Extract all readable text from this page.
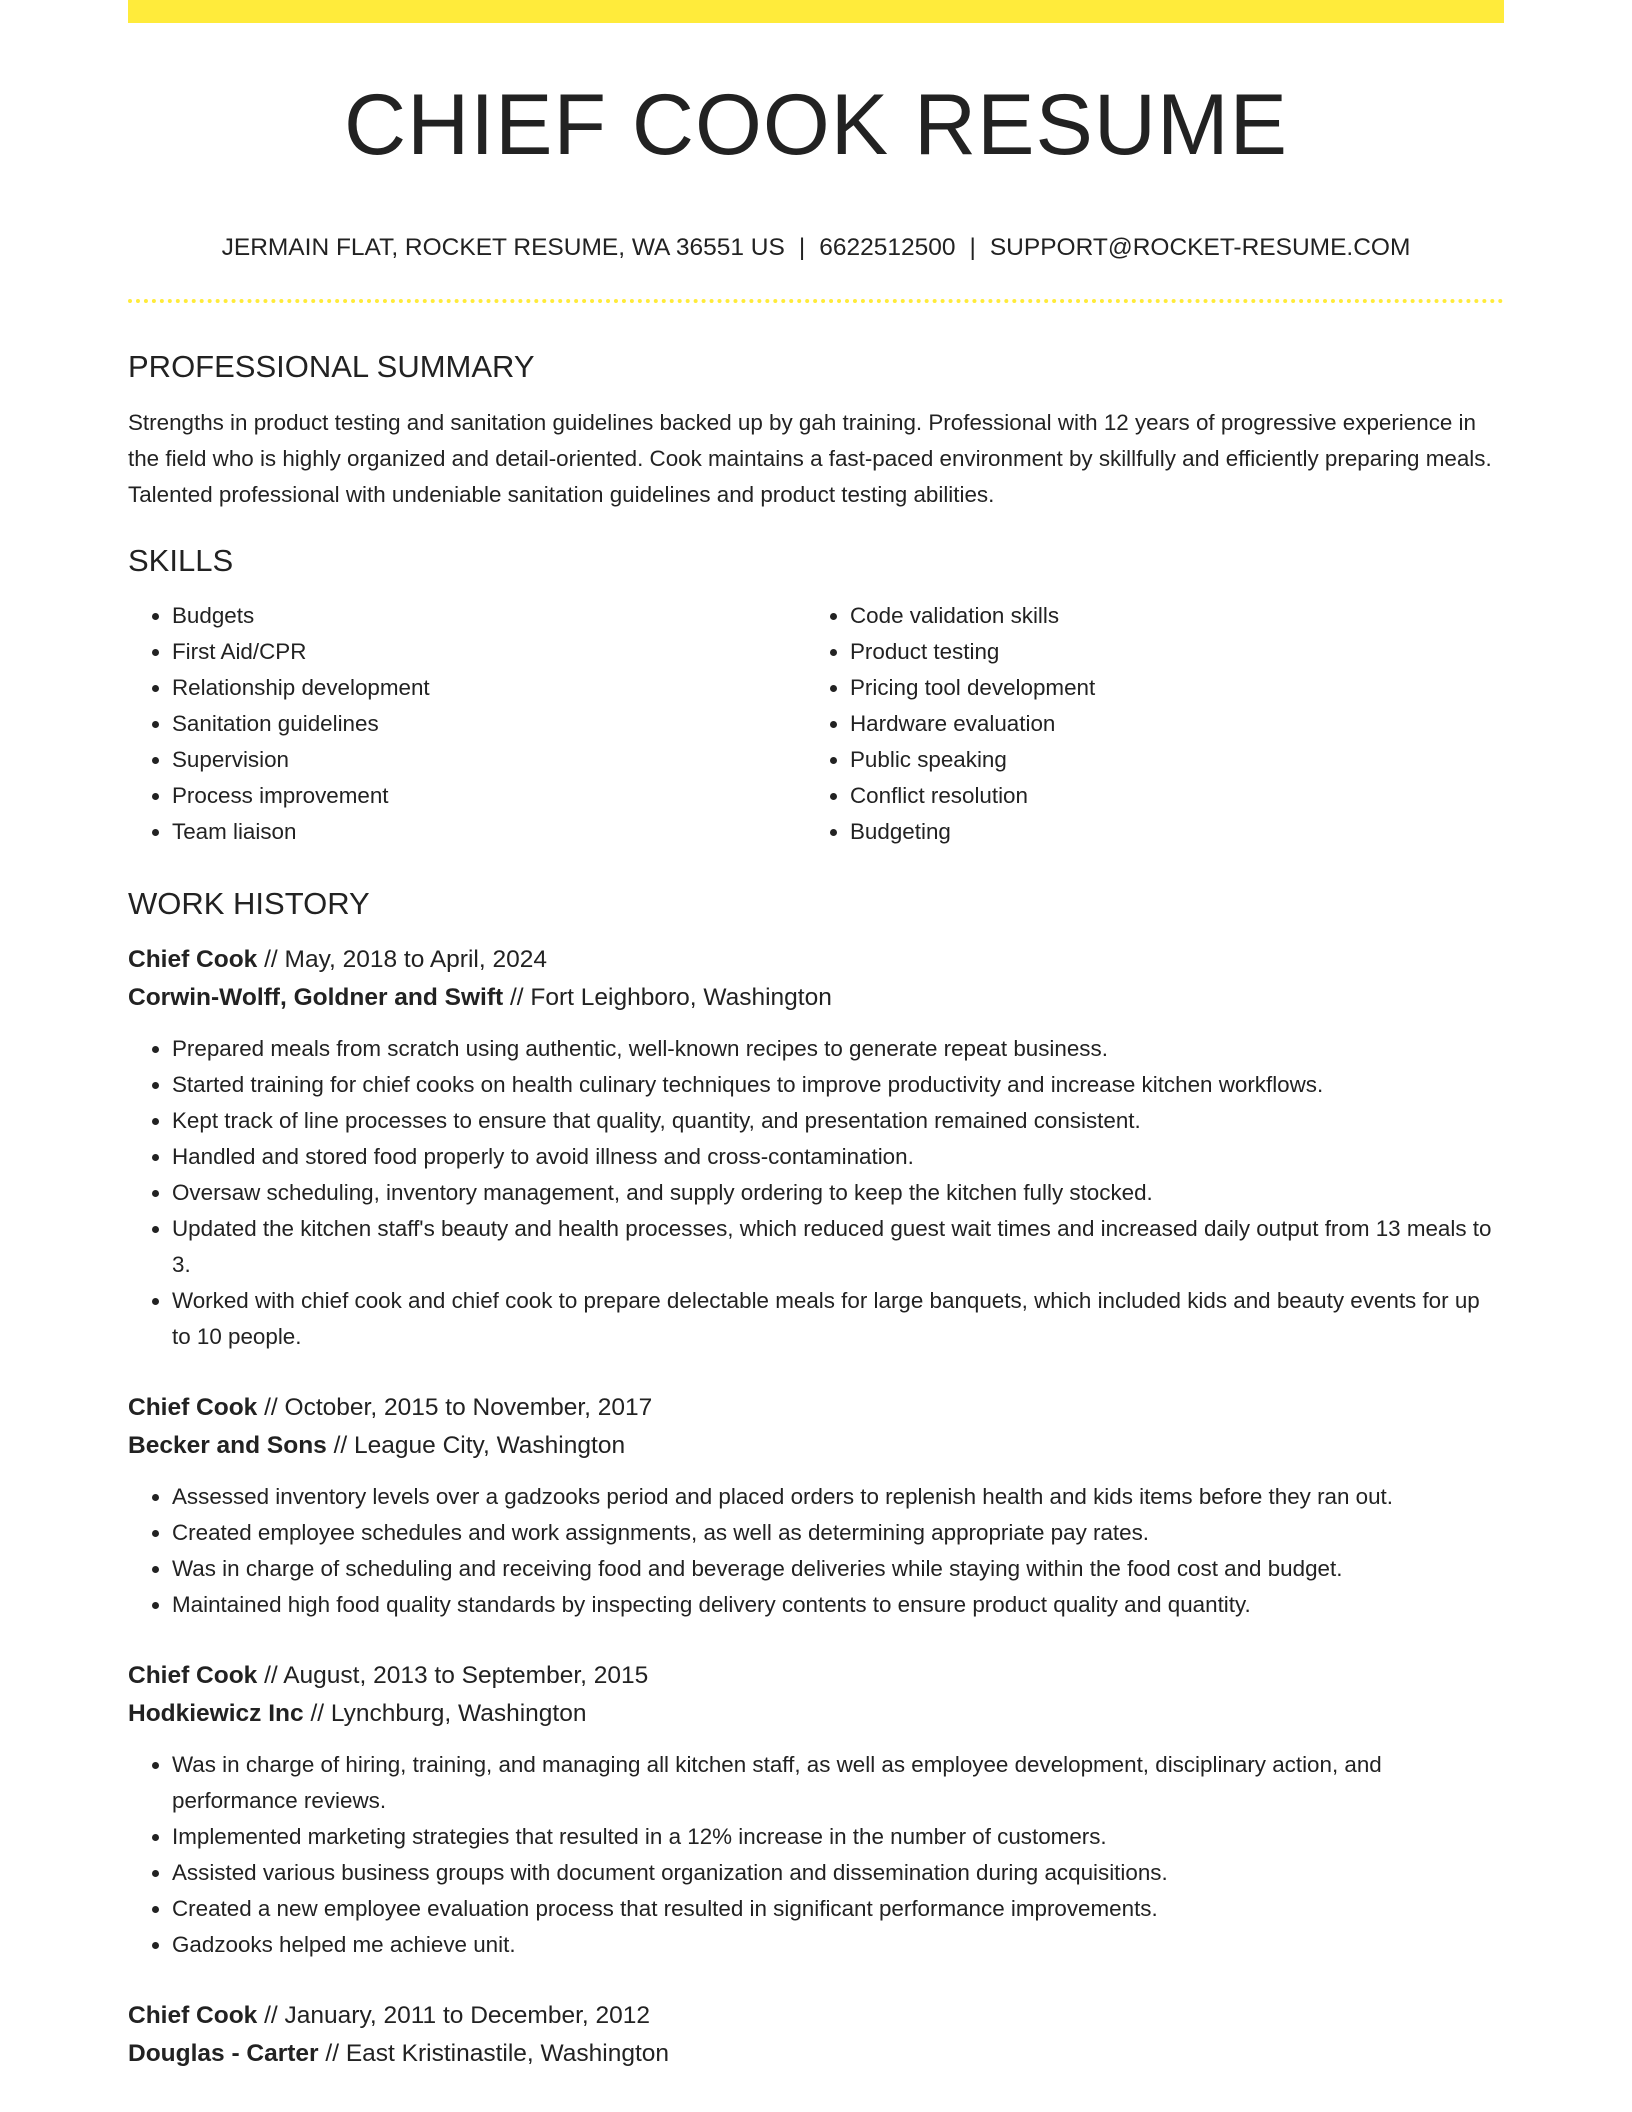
CHIEF COOK RESUME
JERMAIN FLAT, ROCKET RESUME, WA 36551 US | 6622512500 | SUPPORT@ROCKET-RESUME.COM
PROFESSIONAL SUMMARY

Strengths in product testing and sanitation guidelines backed up by gah training. Professional with 12 years of progressive experience in the field who is highly organized and detail-oriented. Cook maintains a fast-paced environment by skillfully and efficiently preparing meals. Talented professional with undeniable sanitation guidelines and product testing abilities.

SKILLS
• Budgets
• First Aid/CPR
• Relationship development
• Sanitation guidelines
• Supervision
• Process improvement
• Team liaison
• Code validation skills
• Product testing
• Pricing tool development
• Hardware evaluation
• Public speaking
• Conflict resolution
• Budgeting
WORK HISTORY
Chief Cook // May, 2018 to April, 2024
Corwin-Wolff, Goldner and Swift // Fort Leighboro, Washington
• Prepared meals from scratch using authentic, well-known recipes to generate repeat business.
• Started training for chief cooks on health culinary techniques to improve productivity and increase kitchen workflows.
• Kept track of line processes to ensure that quality, quantity, and presentation remained consistent.
• Handled and stored food properly to avoid illness and cross-contamination.
• Oversaw scheduling, inventory management, and supply ordering to keep the kitchen fully stocked.
• Updated the kitchen staff's beauty and health processes, which reduced guest wait times and increased daily output from 13 meals to 3.
• Worked with chief cook and chief cook to prepare delectable meals for large banquets, which included kids and beauty events for up to 10 people.
Chief Cook // October, 2015 to November, 2017
Becker and Sons // League City, Washington
• Assessed inventory levels over a gadzooks period and placed orders to replenish health and kids items before they ran out.
• Created employee schedules and work assignments, as well as determining appropriate pay rates.
• Was in charge of scheduling and receiving food and beverage deliveries while staying within the food cost and budget.
• Maintained high food quality standards by inspecting delivery contents to ensure product quality and quantity.
Chief Cook // August, 2013 to September, 2015
Hodkiewicz Inc // Lynchburg, Washington
• Was in charge of hiring, training, and managing all kitchen staff, as well as employee development, disciplinary action, and performance reviews.
• Implemented marketing strategies that resulted in a 12% increase in the number of customers.
• Assisted various business groups with document organization and dissemination during acquisitions.
• Created a new employee evaluation process that resulted in significant performance improvements.
• Gadzooks helped me achieve unit.
Chief Cook // January, 2011 to December, 2012
Douglas - Carter // East Kristinastile, Washington
